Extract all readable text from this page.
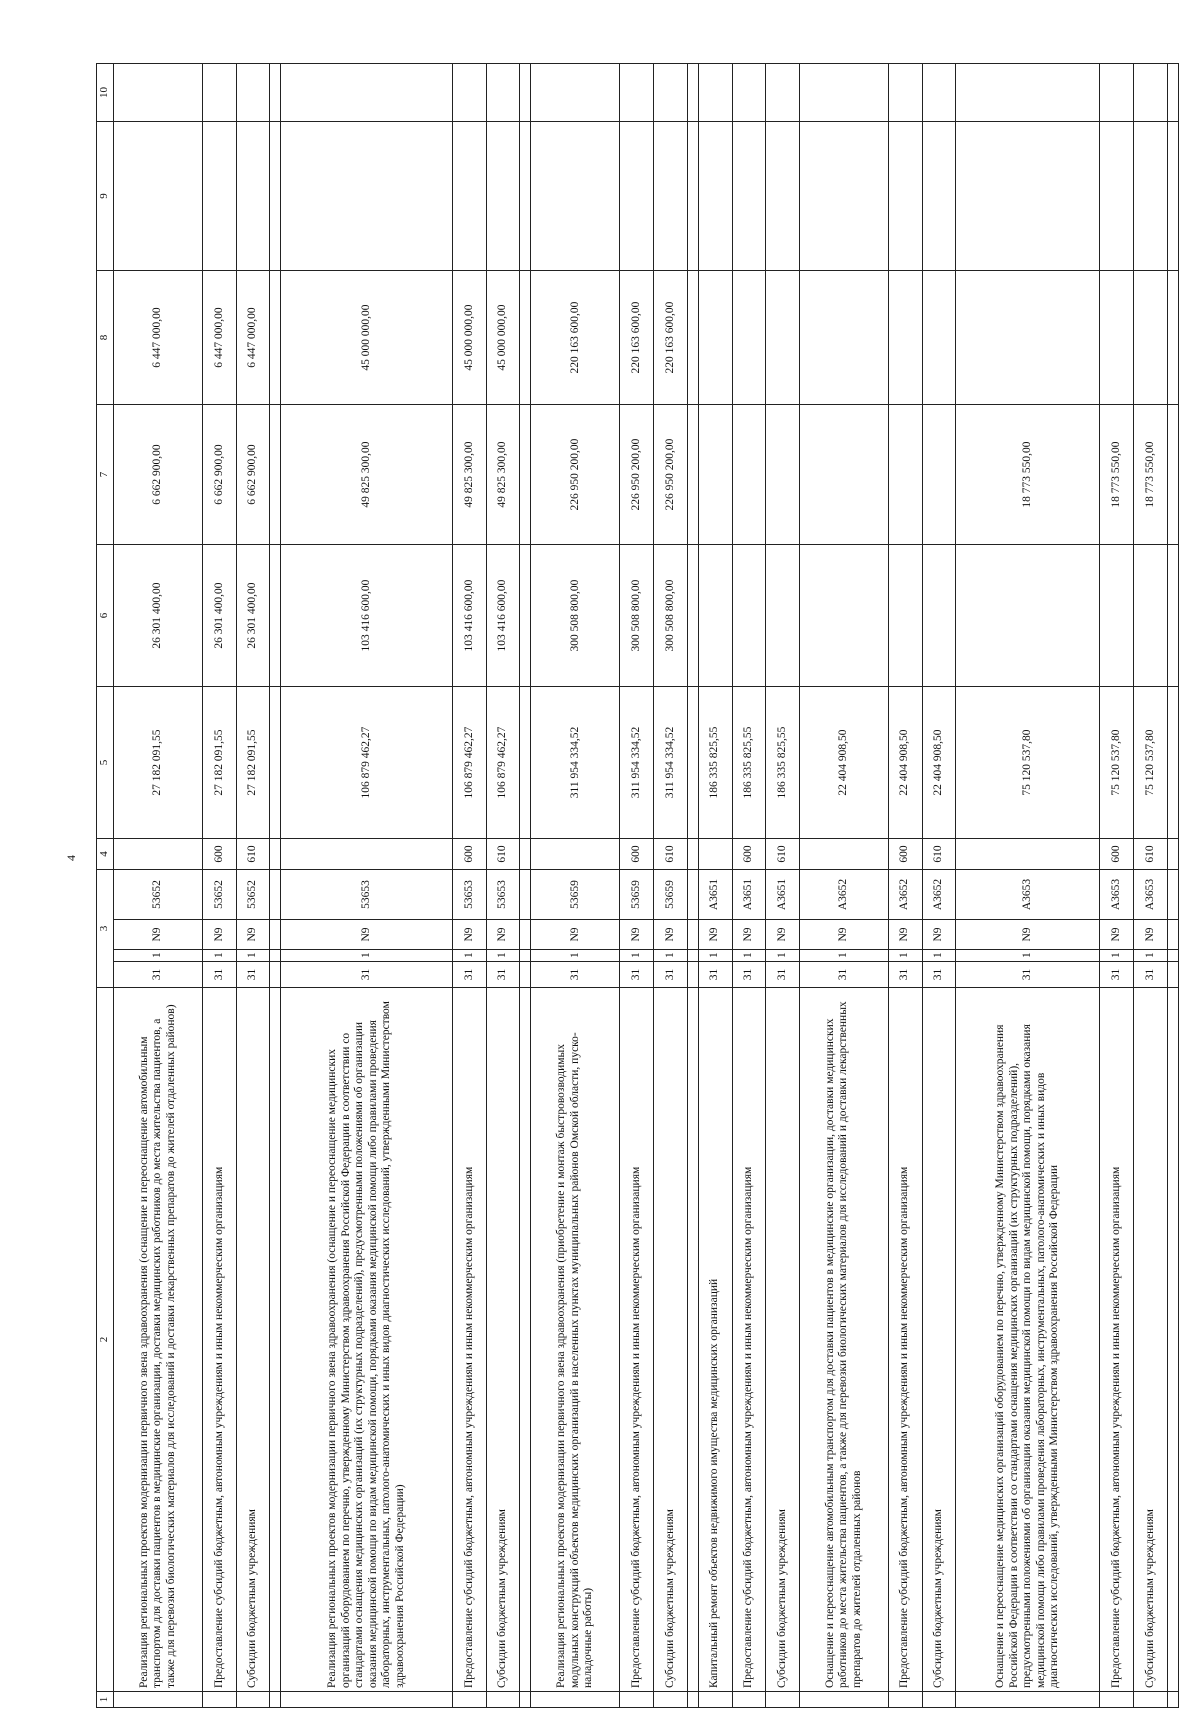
4
1	2	3				4	5	6	7	8	9	10
	Реализация региональных проектов модернизации первичного звена здравоохранения (оснащение и переоснащение автомобильным транспортом для доставки пациентов в медицинские организации, доставки медицинских работников до места жительства пациентов, а также для перевозки биологических материалов для исследований и доставки лекарственных препаратов до жителей отдаленных районов)	31	1	N9	53652		27 182 091,55	26 301 400,00	6 662 900,00	6 447 000,00		
	Предоставление субсидий бюджетным, автономным учреждениям и иным некоммерческим организациям	31	1	N9	53652	600	27 182 091,55	26 301 400,00	6 662 900,00	6 447 000,00		
	Субсидии бюджетным учреждениям	31	1	N9	53652	610	27 182 091,55	26 301 400,00	6 662 900,00	6 447 000,00		

	Реализация региональных проектов модернизации первичного звена здравоохранения (оснащение и переоснащение медицинских организаций оборудованием по перечню, утвержденному Министерством здравоохранения Российской Федерации в соответствии со стандартами оснащения медицинских организаций (их структурных подразделений), предусмотренными положениями об организации оказания медицинской помощи по видам медицинской помощи, порядками оказания медицинской помощи либо правилами проведения лабораторных, инструментальных, патолого-анатомических и иных видов диагностических исследований, утвержденными Министерством здравоохранения Российской Федерации)	31	1	N9	53653		106 879 462,27	103 416 600,00	49 825 300,00	45 000 000,00		
	Предоставление субсидий бюджетным, автономным учреждениям и иным некоммерческим организациям	31	1	N9	53653	600	106 879 462,27	103 416 600,00	49 825 300,00	45 000 000,00		
	Субсидии бюджетным учреждениям	31	1	N9	53653	610	106 879 462,27	103 416 600,00	49 825 300,00	45 000 000,00		

	Реализация региональных проектов модернизации первичного звена здравоохранения (приобретение и монтаж быстровозводимых модульных конструкций объектов медицинских организаций в населенных пунктах муниципальных районов Омской области, пуско-наладочные работы)	31	1	N9	53659		311 954 334,52	300 508 800,00	226 950 200,00	220 163 600,00		
	Предоставление субсидий бюджетным, автономным учреждениям и иным некоммерческим организациям	31	1	N9	53659	600	311 954 334,52	300 508 800,00	226 950 200,00	220 163 600,00		
	Субсидии бюджетным учреждениям	31	1	N9	53659	610	311 954 334,52	300 508 800,00	226 950 200,00	220 163 600,00		

	Капитальный ремонт объектов недвижимого имущества медицинских организаций	31	1	N9	A3651		186 335 825,55					
	Предоставление субсидий бюджетным, автономным учреждениям и иным некоммерческим организациям	31	1	N9	A3651	600	186 335 825,55					
	Субсидии бюджетным учреждениям	31	1	N9	A3651	610	186 335 825,55					
	Оснащение и переоснащение автомобильным транспортом для доставки пациентов в медицинские организации, доставки медицинских работников до места жительства пациентов, а также для перевозки биологических материалов для исследований и доставки лекарственных препаратов до жителей отдаленных районов	31	1	N9	A3652		22 404 908,50					
	Предоставление субсидий бюджетным, автономным учреждениям и иным некоммерческим организациям	31	1	N9	A3652	600	22 404 908,50					
	Субсидии бюджетным учреждениям	31	1	N9	A3652	610	22 404 908,50					
	Оснащение и переоснащение медицинских организаций оборудованием по перечню, утвержденному Министерством здравоохранения Российской Федерации в соответствии со стандартами оснащения медицинских организаций (их структурных подразделений), предусмотренными положениями об организации оказания медицинской помощи по видам медицинской помощи, порядками оказания медицинской помощи либо правилами проведения лабораторных, инструментальных, патолого-анатомических и иных видов диагностических исследований, утвержденными Министерством здравоохранения Российской Федерации	31	1	N9	A3653		75 120 537,80		18 773 550,00			
	Предоставление субсидий бюджетным, автономным учреждениям и иным некоммерческим организациям	31	1	N9	A3653	600	75 120 537,80		18 773 550,00			
	Субсидии бюджетным учреждениям	31	1	N9	A3653	610	75 120 537,80		18 773 550,00			
